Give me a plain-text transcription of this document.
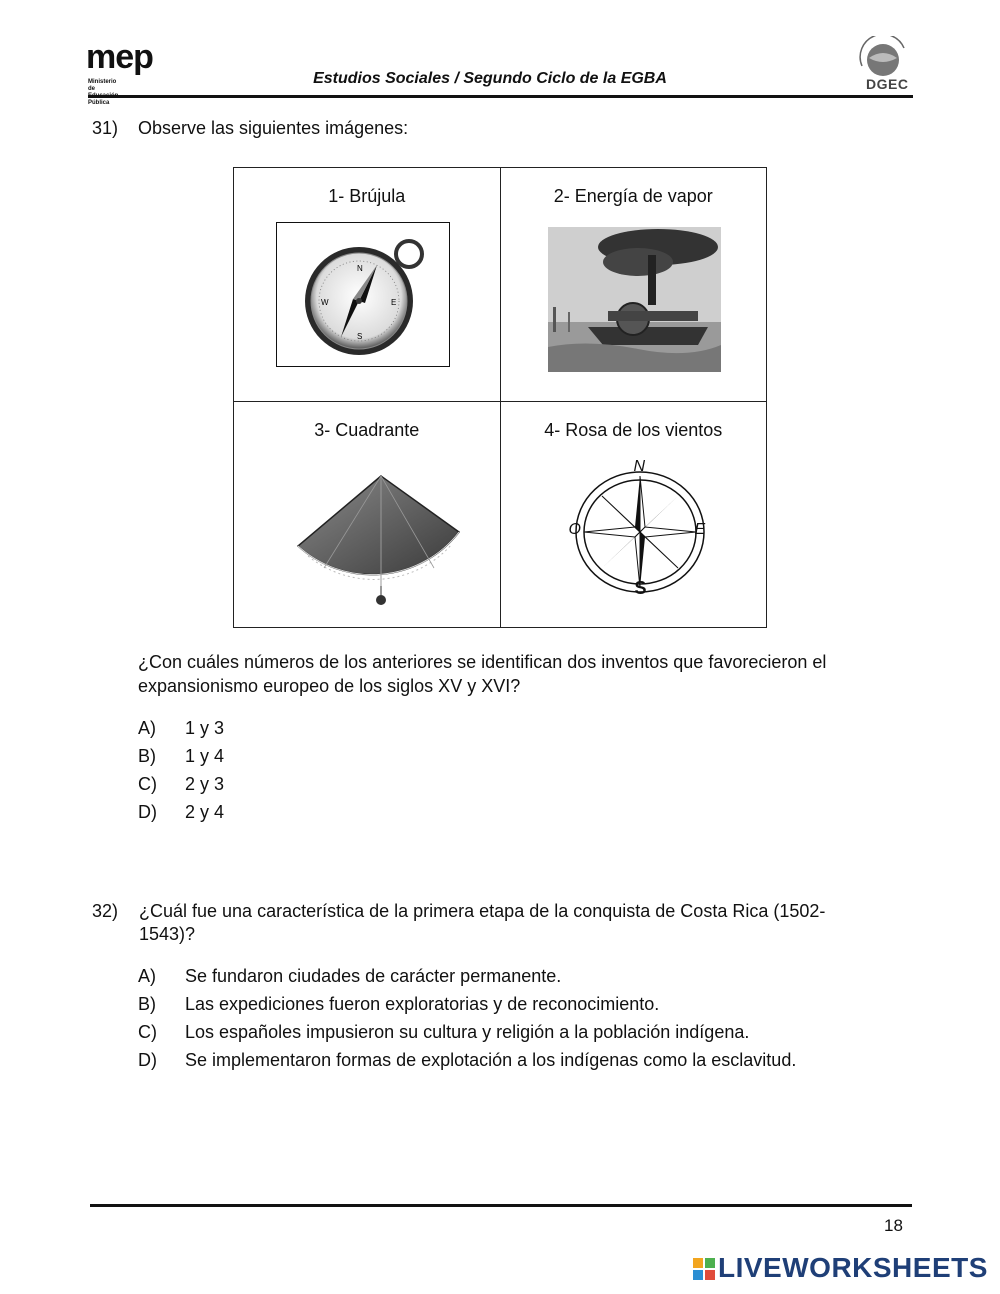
mep
Ministerio de
Pública
Estudios Sociales / Segundo Ciclo de la EGBA	DGEC
31) Observe las siguientes imágenes:
1- Brújula
N
S
E
W	2- Energía de vapor

3- Cuadrante	4- Rosa de los vientos
N
S
E
O
¿Con cuáles números de los anteriores se identifican dos inventos que favorecieron el
expansionismo europeo de los siglos XV y XVI?
A) 1 y 3
B) 1 y 4
C) 2 y 3
D) 2 y 4
32) ¿Cuál fue una característica de la primera etapa de la conquista de Costa Rica (1502-
1543)?
A) Se fundaron ciudades de carácter permanente.
B) Las expediciones fueron exploratorias y de reconocimiento.
C) Los españoles impusieron su cultura y religión a la población indígena.
D) Se implementaron formas de explotación a los indígenas como la esclavitud.
18
LIVEWORKSHEETS
